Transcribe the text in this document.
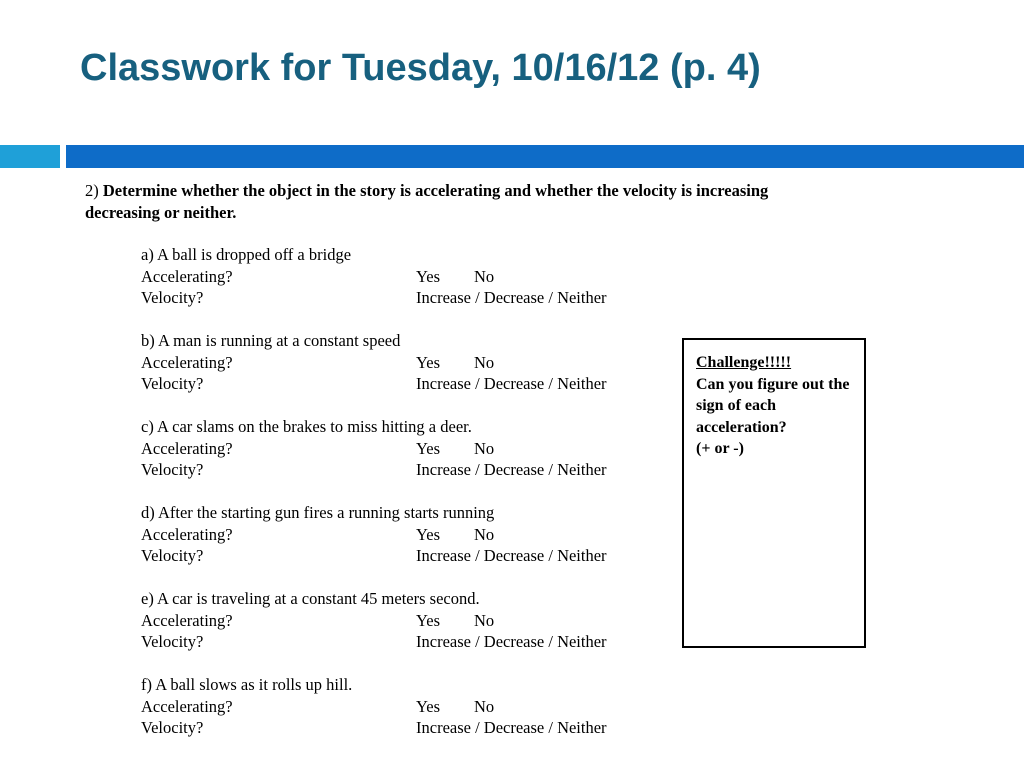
Classwork for Tuesday, 10/16/12 (p. 4)
2) Determine whether the object in the story is accelerating and whether the velocity is increasing decreasing or neither.
a) A ball is dropped off a bridge
Accelerating?	Yes No
Velocity?	Increase / Decrease / Neither
b) A man is running at a constant speed
Accelerating?	Yes No
Velocity?	Increase / Decrease / Neither
c) A car slams on the brakes to miss hitting a deer.
Accelerating?	Yes No
Velocity?	Increase / Decrease / Neither
d) After the starting gun fires a running starts running
Accelerating?	Yes No
Velocity?	Increase / Decrease / Neither
e) A car is traveling at a constant 45 meters second.
Accelerating?	Yes No
Velocity?	Increase / Decrease / Neither
f) A ball slows as it rolls up hill.
Accelerating?	Yes No
Velocity?	Increase / Decrease / Neither
Challenge!!!!!
Can you figure out the sign of each acceleration?
(+ or -)
